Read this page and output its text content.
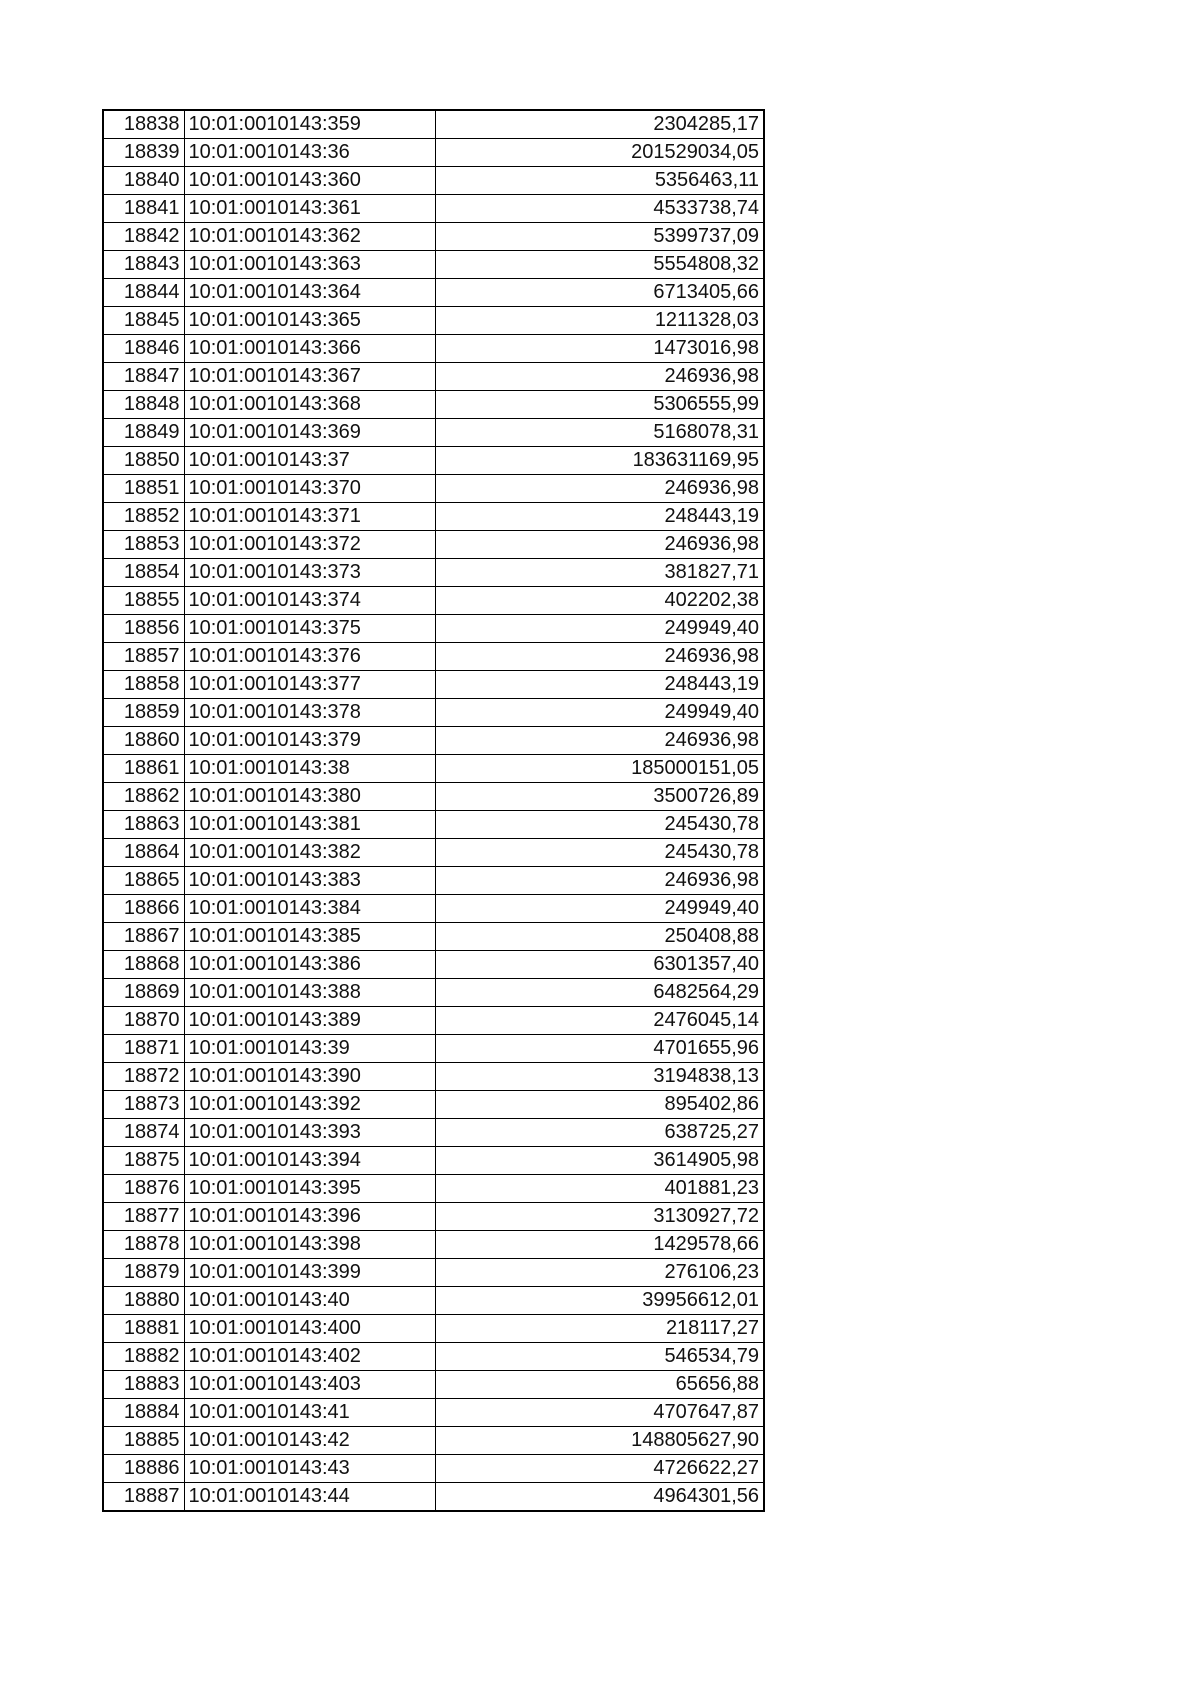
18838	10:01:0010143:359	2304285,17
18839	10:01:0010143:36	201529034,05
18840	10:01:0010143:360	5356463,11
18841	10:01:0010143:361	4533738,74
18842	10:01:0010143:362	5399737,09
18843	10:01:0010143:363	5554808,32
18844	10:01:0010143:364	6713405,66
18845	10:01:0010143:365	1211328,03
18846	10:01:0010143:366	1473016,98
18847	10:01:0010143:367	246936,98
18848	10:01:0010143:368	5306555,99
18849	10:01:0010143:369	5168078,31
18850	10:01:0010143:37	183631169,95
18851	10:01:0010143:370	246936,98
18852	10:01:0010143:371	248443,19
18853	10:01:0010143:372	246936,98
18854	10:01:0010143:373	381827,71
18855	10:01:0010143:374	402202,38
18856	10:01:0010143:375	249949,40
18857	10:01:0010143:376	246936,98
18858	10:01:0010143:377	248443,19
18859	10:01:0010143:378	249949,40
18860	10:01:0010143:379	246936,98
18861	10:01:0010143:38	185000151,05
18862	10:01:0010143:380	3500726,89
18863	10:01:0010143:381	245430,78
18864	10:01:0010143:382	245430,78
18865	10:01:0010143:383	246936,98
18866	10:01:0010143:384	249949,40
18867	10:01:0010143:385	250408,88
18868	10:01:0010143:386	6301357,40
18869	10:01:0010143:388	6482564,29
18870	10:01:0010143:389	2476045,14
18871	10:01:0010143:39	4701655,96
18872	10:01:0010143:390	3194838,13
18873	10:01:0010143:392	895402,86
18874	10:01:0010143:393	638725,27
18875	10:01:0010143:394	3614905,98
18876	10:01:0010143:395	401881,23
18877	10:01:0010143:396	3130927,72
18878	10:01:0010143:398	1429578,66
18879	10:01:0010143:399	276106,23
18880	10:01:0010143:40	39956612,01
18881	10:01:0010143:400	218117,27
18882	10:01:0010143:402	546534,79
18883	10:01:0010143:403	65656,88
18884	10:01:0010143:41	4707647,87
18885	10:01:0010143:42	148805627,90
18886	10:01:0010143:43	4726622,27
18887	10:01:0010143:44	4964301,56
